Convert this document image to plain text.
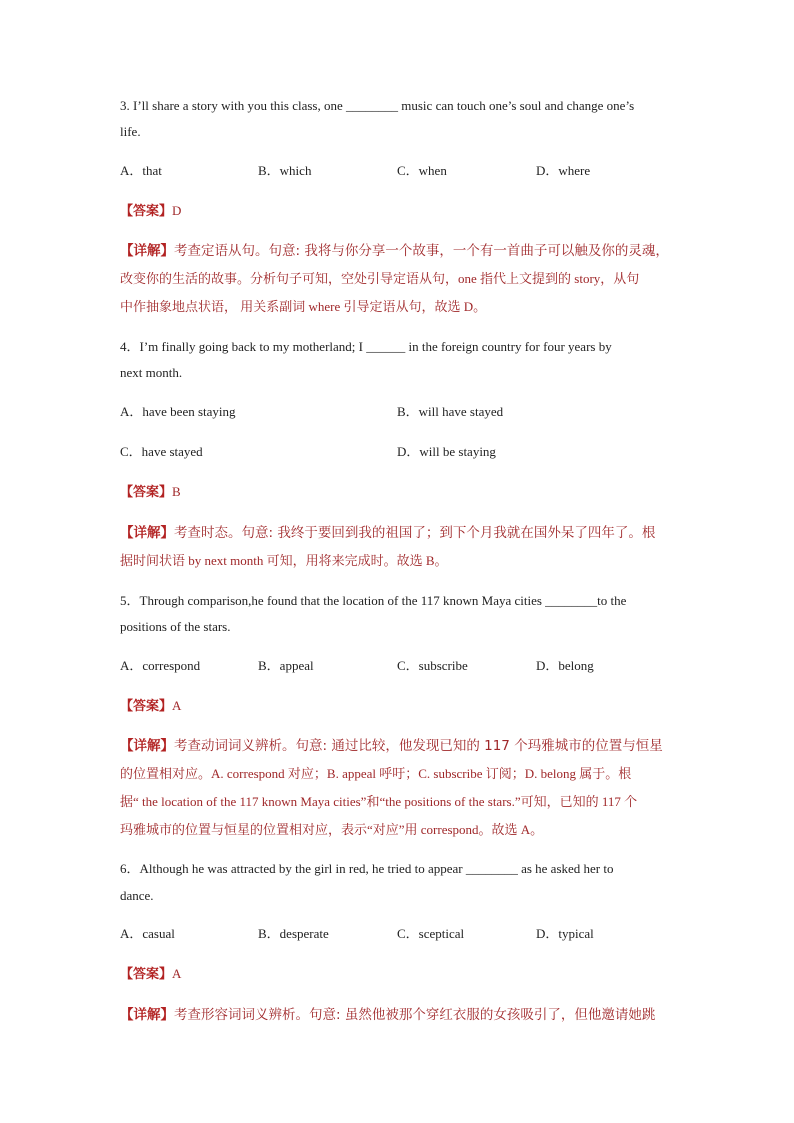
3. I’ll share a story with you this class, one ________ music can touch one’s soul and change one’s
life.
A．that	B．which	C．when	D．where
【答案】D
【详解】考查定语从句。句意: 我将与你分享一个故事，一个有一首曲子可以触及你的灵魂，
改变你的生活的故事。分析句子可知，空处引导定语从句，one 指代上文提到的 story，从句
中作抽象地点状语， 用关系副词 where 引导定语从句，故选 D。
4．I’m finally going back to my motherland; I ______ in the foreign country for four years by
next month.
A．have been staying	B．will have stayed
C．have stayed	D．will be staying
【答案】B
【详解】考查时态。句意: 我终于要回到我的祖国了；到下个月我就在国外呆了四年了。根
据时间状语 by next month 可知，用将来完成时。故选 B。
5．Through comparison,he found that the location of the 117 known Maya cities ________to the
positions of the stars.
A．correspond	B．appeal	C．subscribe	D．belong
【答案】A
【详解】考查动词词义辨析。句意: 通过比较，他发现已知的 117 个玛雅城市的位置与恒星
的位置相对应。A. correspond 对应；B. appeal 呼吁；C. subscribe 订阅；D. belong 属于。根
据“ the location of the 117 known Maya cities”和“the positions of the stars.”可知，已知的 117 个
玛雅城市的位置与恒星的位置相对应，表示“对应”用 correspond。故选 A。
6．Although he was attracted by the girl in red, he tried to appear ________ as he asked her to
dance.
A．casual	B．desperate	C．sceptical	D．typical
【答案】A
【详解】考查形容词词义辨析。句意: 虽然他被那个穿红衣服的女孩吸引了，但他邀请她跳
